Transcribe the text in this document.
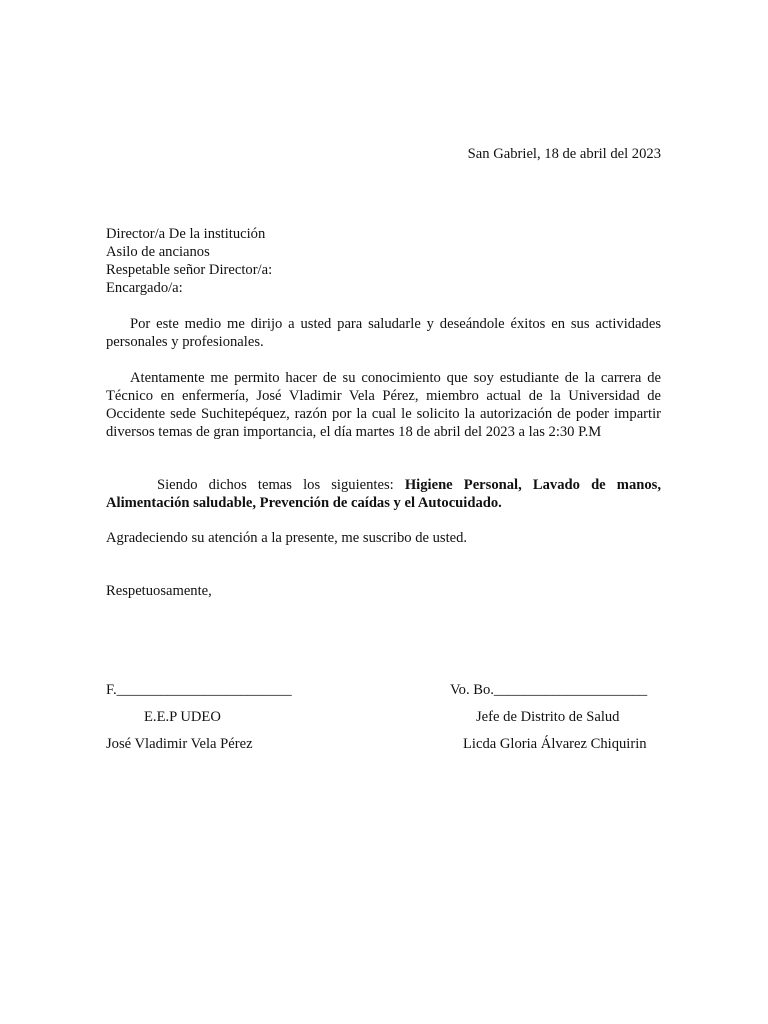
San Gabriel, 18 de abril del 2023
Director/a De la institución
Asilo de ancianos
Respetable señor Director/a:
Encargado/a:

Por este medio me dirijo a usted para saludarle y deseándole éxitos en sus actividades personales y profesionales.

Atentamente me permito hacer de su conocimiento que soy estudiante de la carrera de Técnico en enfermería, José Vladimir Vela Pérez, miembro actual de la Universidad de Occidente sede Suchitepéquez, razón por la cual le solicito la autorización de poder impartir diversos temas de gran importancia, el día martes 18 de abril del 2023 a las 2:30 P.M

Siendo dichos temas los siguientes: Higiene Personal, Lavado de manos, Alimentación saludable, Prevención de caídas y el Autocuidado.

Agradeciendo su atención a la presente, me suscribo de usted.

Respetuosamente,
F.________________________
E.E.P UDEO
José Vladimir Vela Pérez
Vo. Bo._____________________
Jefe de Distrito de Salud
Licda Gloria Álvarez Chiquirin
